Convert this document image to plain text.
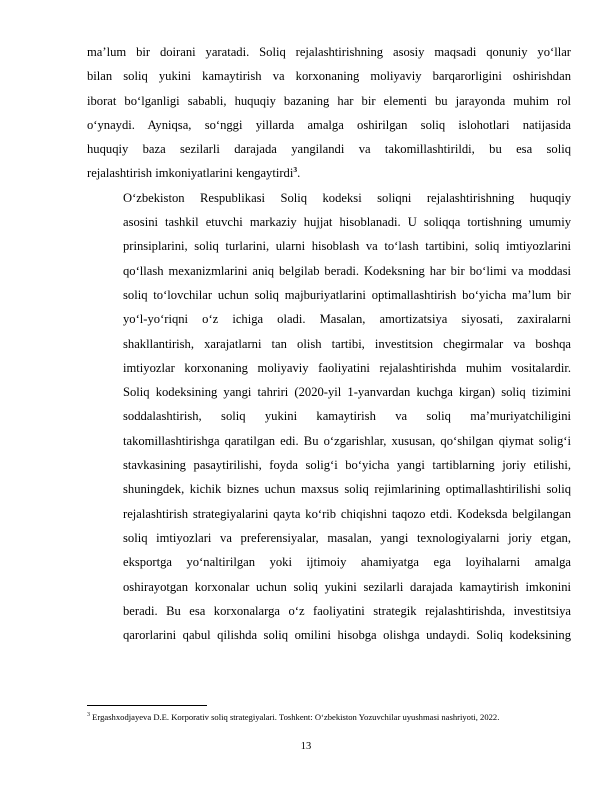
ma’lum bir doirani yaratadi. Soliq rejalashtirishning asosiy maqsadi qonuniy yo‘llar
bilan soliq yukini kamaytirish va korxonaning moliyaviy barqarorligini oshirishdan
iborat bo‘lganligi sababli, huquqiy bazaning har bir elementi bu jarayonda muhim rol
o‘ynaydi. Ayniqsa, so‘nggi yillarda amalga oshirilgan soliq islohotlari natijasida
huquqiy baza sezilarli darajada yangilandi va takomillashtirildi, bu esa soliq
rejalashtirish imkoniyatlarini kengaytirdi$^3$.

O‘zbekiston Respublikasi Soliq kodeksi soliqni rejalashtirishning huquqiy
asosini tashkil etuvchi markaziy hujjat hisoblanadi. U soliqqa tortishning umumiy
prinsiplarini, soliq turlarini, ularni hisoblash va to‘lash tartibini, soliq imtiyozlarini
qo‘llash mexanizmlarini aniq belgilab beradi. Kodeksning har bir bo‘limi va moddasi
soliq to‘lovchilar uchun soliq majburiyatlarini optimallashtirish bo‘yicha ma’lum bir
yo‘l-yo‘riqni o‘z ichiga oladi. Masalan, amortizatsiya siyosati, zaxiralarni
shakllantirish, xarajatlarni tan olish tartibi, investitsion chegirmalar va boshqa
imtiyozlar korxonaning moliyaviy faoliyatini rejalashtirishda muhim vositalardir.
Soliq kodeksining yangi tahriri (2020-yil 1-yanvardan kuchga kirgan) soliq tizimini
soddalashtirish, soliq yukini kamaytirish va soliq ma’muriyatchiligini
takomillashtirishga qaratilgan edi. Bu o‘zgarishlar, xususan, qo‘shilgan qiymat solig‘i
stavkasining pasaytirilishi, foyda solig‘i bo‘yicha yangi tartiblarning joriy etilishi,
shuningdek, kichik biznes uchun maxsus soliq rejimlarining optimallashtirilishi soliq
rejalashtirish strategiyalarini qayta ko‘rib chiqishni taqozo etdi. Kodeksda belgilangan
soliq imtiyozlari va preferensiyalar, masalan, yangi texnologiyalarni joriy etgan,
eksportga yo‘naltirilgan yoki ijtimoiy ahamiyatga ega loyihalarni amalga
oshirayotgan korxonalar uchun soliq yukini sezilarli darajada kamaytirish imkonini
beradi. Bu esa korxonalarga o‘z faoliyatini strategik rejalashtirishda, investitsiya
qarorlarini qabul qilishda soliq omilini hisobga olishga undaydi. Soliq kodeksining

$^3$ Ergashxodjayeva D.E. Korporativ soliq strategiyalari. Toshkent: O‘zbekiston Yozuvchilar uyushmasi nashriyoti, 2022.
13
